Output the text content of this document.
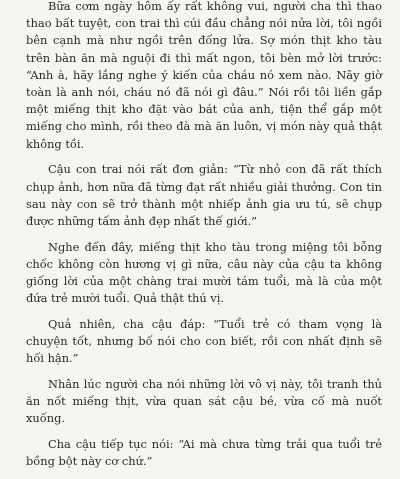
Bữa cơm ngày hôm ấy rất không vui, người cha thì thao thao bất tuyệt, con trai thì cúi đầu chẳng nói nửa lời, tôi ngồi bên cạnh mà như ngồi trên đống lửa. Sợ món thịt kho tàu trên bàn ăn mà nguội đi thì mất ngon, tôi bèn mở lời trước: “Anh à, hãy lắng nghe ý kiến của cháu nó xem nào. Nãy giờ toàn là anh nói, cháu nó đã nói gì đâu.” Nói rồi tôi liền gắp một miếng thịt kho đặt vào bát của anh, tiện thể gắp một miếng cho mình, rồi theo đà mà ăn luôn, vị món này quả thật không tồi.

Cậu con trai nói rất đơn giản: “Từ nhỏ con đã rất thích chụp ảnh, hơn nữa đã từng đạt rất nhiều giải thưởng. Con tin sau này con sẽ trở thành một nhiếp ảnh gia ưu tú, sẽ chụp được những tấm ảnh đẹp nhất thế giới.”

Nghe đến đây, miếng thịt kho tàu trong miệng tôi bỗng chốc không còn hương vị gì nữa, câu này của cậu ta không giống lời của một chàng trai mười tám tuổi, mà là của một đứa trẻ mười tuổi. Quả thật thú vị.

Quả nhiên, cha cậu đáp: “Tuổi trẻ có tham vọng là chuyện tốt, nhưng bố nói cho con biết, rồi con nhất định sẽ hối hận.”

Nhân lúc người cha nói những lời vô vị này, tôi tranh thủ ăn nốt miếng thịt, vừa quan sát cậu bé, vừa cố mà nuốt xuống.

Cha cậu tiếp tục nói: “Ai mà chưa từng trải qua tuổi trẻ bồng bột này cơ chứ.”
